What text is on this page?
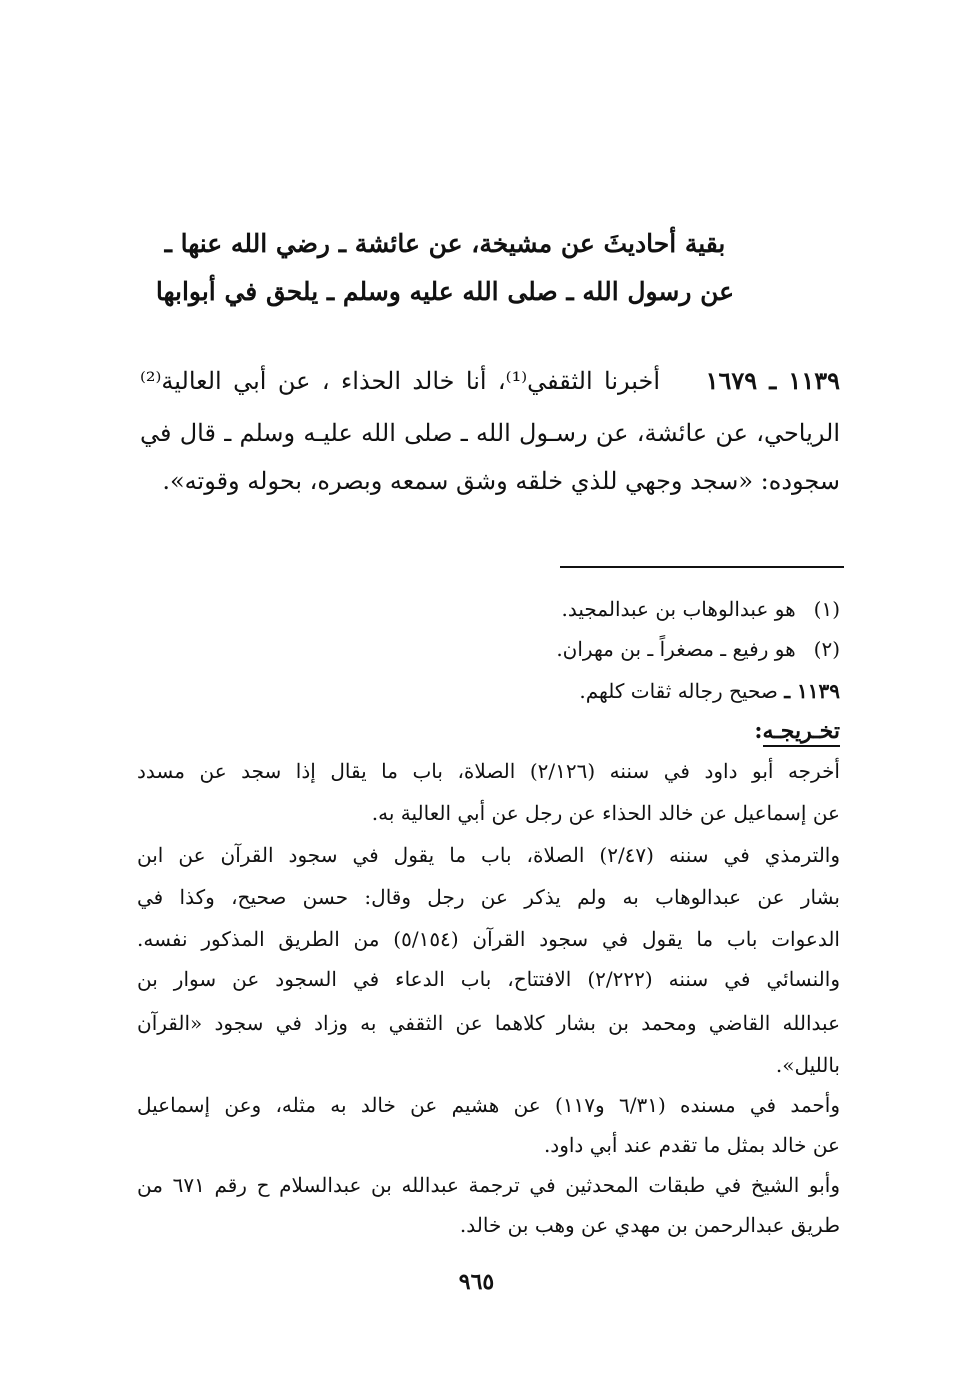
بقية أحاديثَ عن مشيخة، عن عائشة ـ رضي الله عنها ـ
عن رسول الله ـ صلى الله عليه وسلم ـ يلحق في أبوابها
١١٣٩ ـ ١٦٧٩    أخبرنا الثقفي⁽¹⁾، أنا خالد الحذاء ، عن أبي العالية⁽²⁾
الرياحي، عن عائشة، عن رسـول الله ـ صلى الله عليـه وسلم ـ قال في
سجوده: «سجد وجهي للذي خلقه وشق سمعه وبصره، بحوله وقوته».
(١)هو عبدالوهاب بن عبدالمجيد.
(٢)هو رفيع ـ مصغراً ـ بن مهران.
١١٣٩ ـ صحيح رجاله ثقات كلهم.
تخـريجـه:
أخرجه أبو داود في سننه (٢/١٢٦) الصلاة، باب ما يقال إذا سجد عن مسدد
عن إسماعيل عن خالد الحذاء عن رجل عن أبي العالية به.
والترمذي في سننه (٢/٤٧) الصلاة، باب ما يقول في سجود القرآن عن ابن
بشار عن عبدالوهاب به ولم يذكر عن رجل وقال: حسن صحيح، وكذا في
الدعوات باب ما يقول في سجود القرآن (٥/١٥٤) من الطريق المذكور نفسه.
والنسائي في سننه (٢/٢٢٢) الافتتاح، باب الدعاء في السجود عن سوار بن
عبدالله القاضي ومحمد بن بشار كلاهما عن الثقفي به وزاد في سجود «القرآن
بالليل».
وأحمد في مسنده (٦/٣١ و١١٧) عن هشيم عن خالد به مثله، وعن إسماعيل
عن خالد بمثل ما تقدم عند أبي داود.
وأبو الشيخ في طبقات المحدثين في ترجمة عبدالله بن عبدالسلام ح رقم ٦٧١ من
طريق عبدالرحمن بن مهدي عن وهب بن خالد.
٩٦٥
